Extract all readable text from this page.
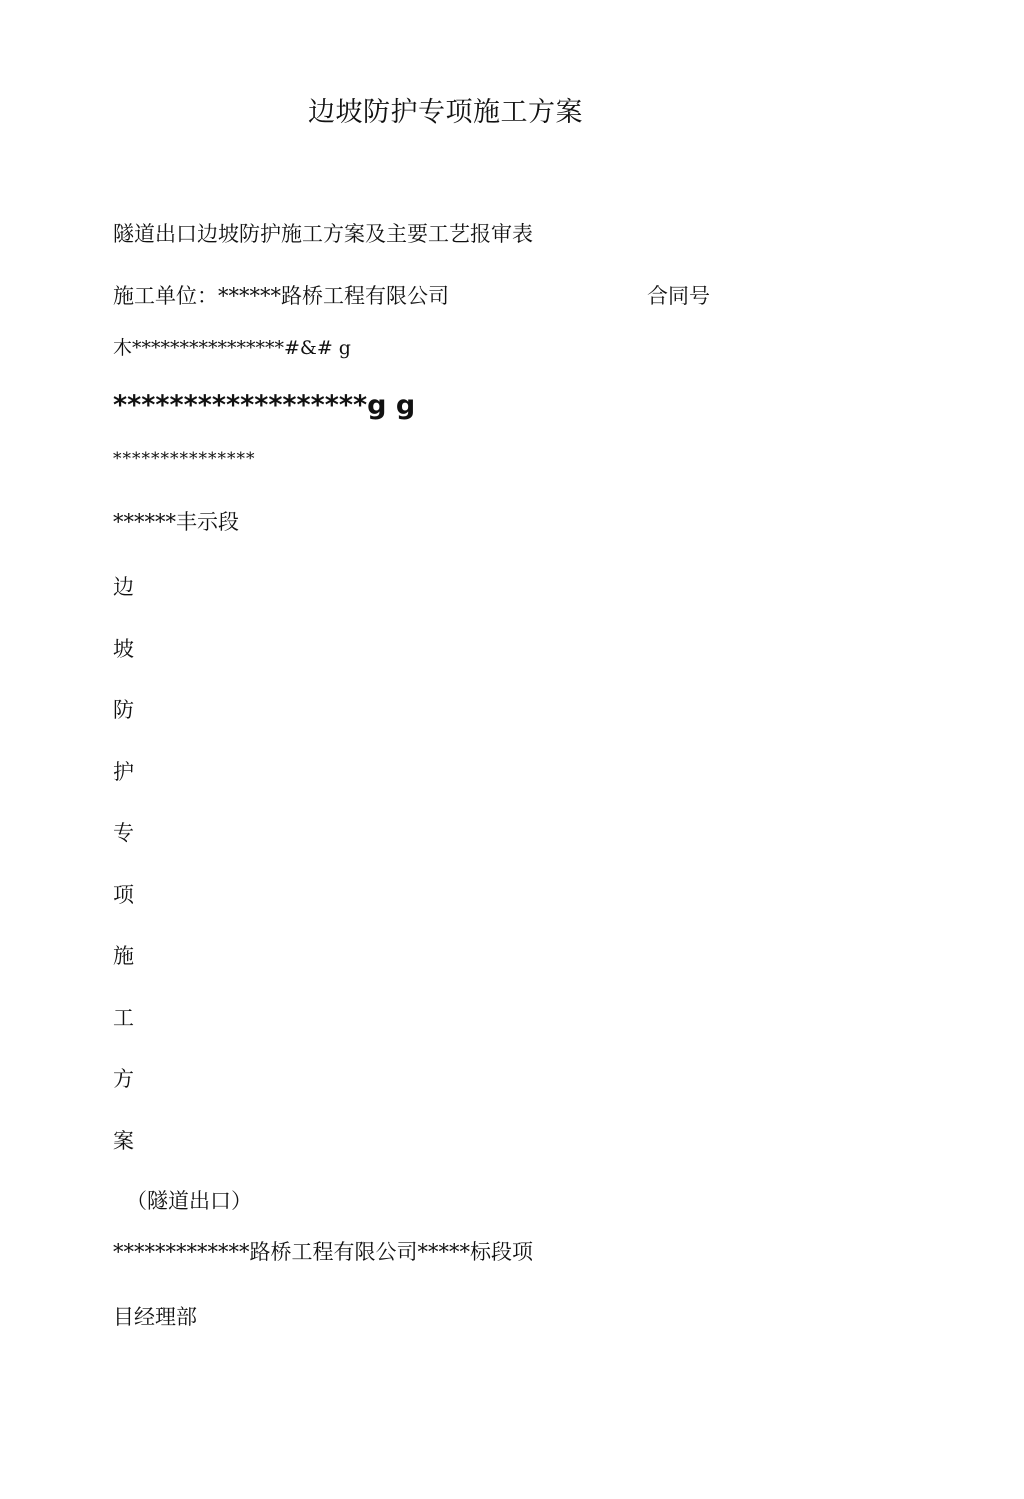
边坡防护专项施工方案
隧道出口边坡防护施工方案及主要工艺报审表
施工单位：******路桥工程有限公司	合同号
木****************#&# g
******************g g
***************
******丰示段
边
坡
防
护
专
项
施
工
方
案
（隧道出口）
*************路桥工程有限公司*****标段项
目经理部
